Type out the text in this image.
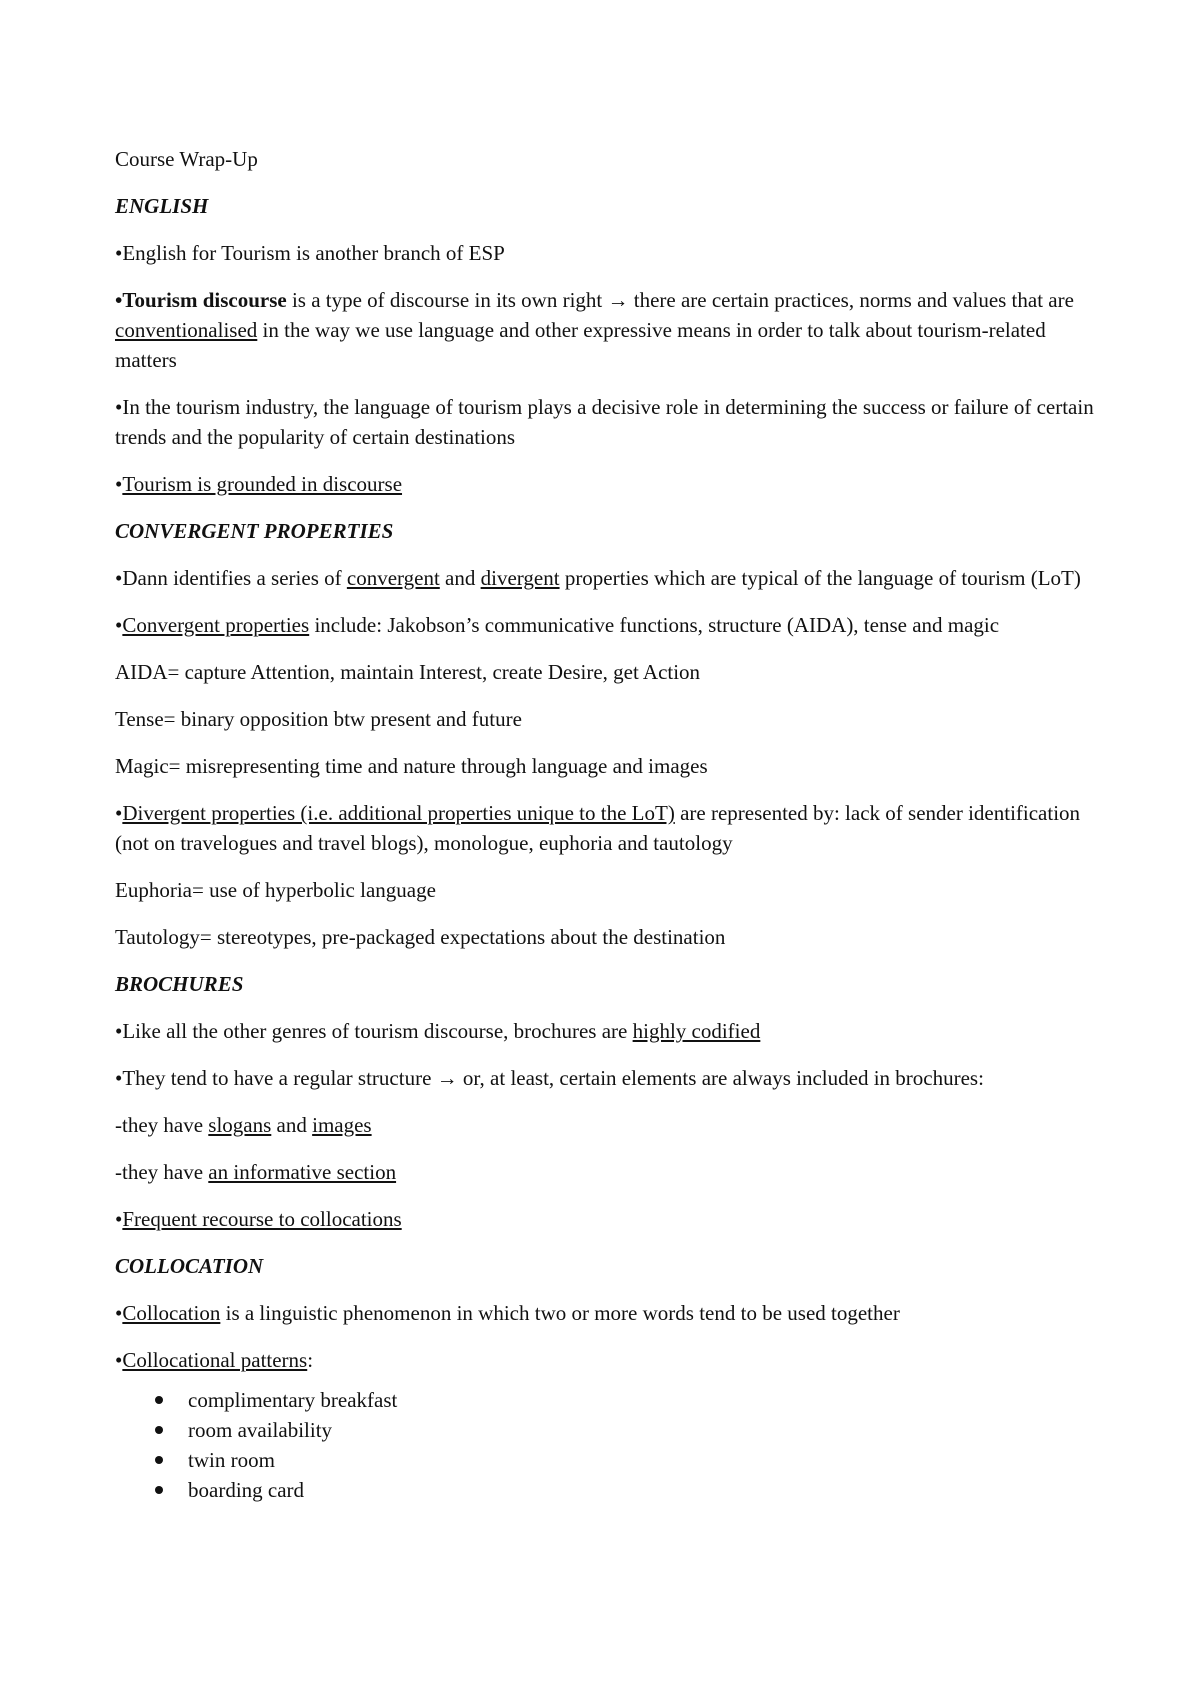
Course Wrap-Up
ENGLISH
•English for Tourism is another branch of ESP
•Tourism discourse is a type of discourse in its own right → there are certain practices, norms and values that are conventionalised in the way we use language and other expressive means in order to talk about tourism-related matters
•In the tourism industry, the language of tourism plays a decisive role in determining the success or failure of certain trends and the popularity of certain destinations
•Tourism is grounded in discourse
CONVERGENT PROPERTIES
•Dann identifies a series of convergent and divergent properties which are typical of the language of tourism (LoT)
•Convergent properties include: Jakobson’s communicative functions, structure (AIDA), tense and magic
AIDA= capture Attention, maintain Interest, create Desire, get Action
Tense= binary opposition btw present and future
Magic= misrepresenting time and nature through language and images
•Divergent properties (i.e. additional properties unique to the LoT) are represented by: lack of sender identification (not on travelogues and travel blogs), monologue, euphoria and tautology
Euphoria= use of hyperbolic language
Tautology= stereotypes, pre-packaged expectations about the destination
BROCHURES
•Like all the other genres of tourism discourse, brochures are highly codified
•They tend to have a regular structure → or, at least, certain elements are always included in brochures:
-they have slogans and images
-they have an informative section
•Frequent recourse to collocations
COLLOCATION
•Collocation is a linguistic phenomenon in which two or more words tend to be used together
•Collocational patterns:
complimentary breakfast
room availability
twin room
boarding card
